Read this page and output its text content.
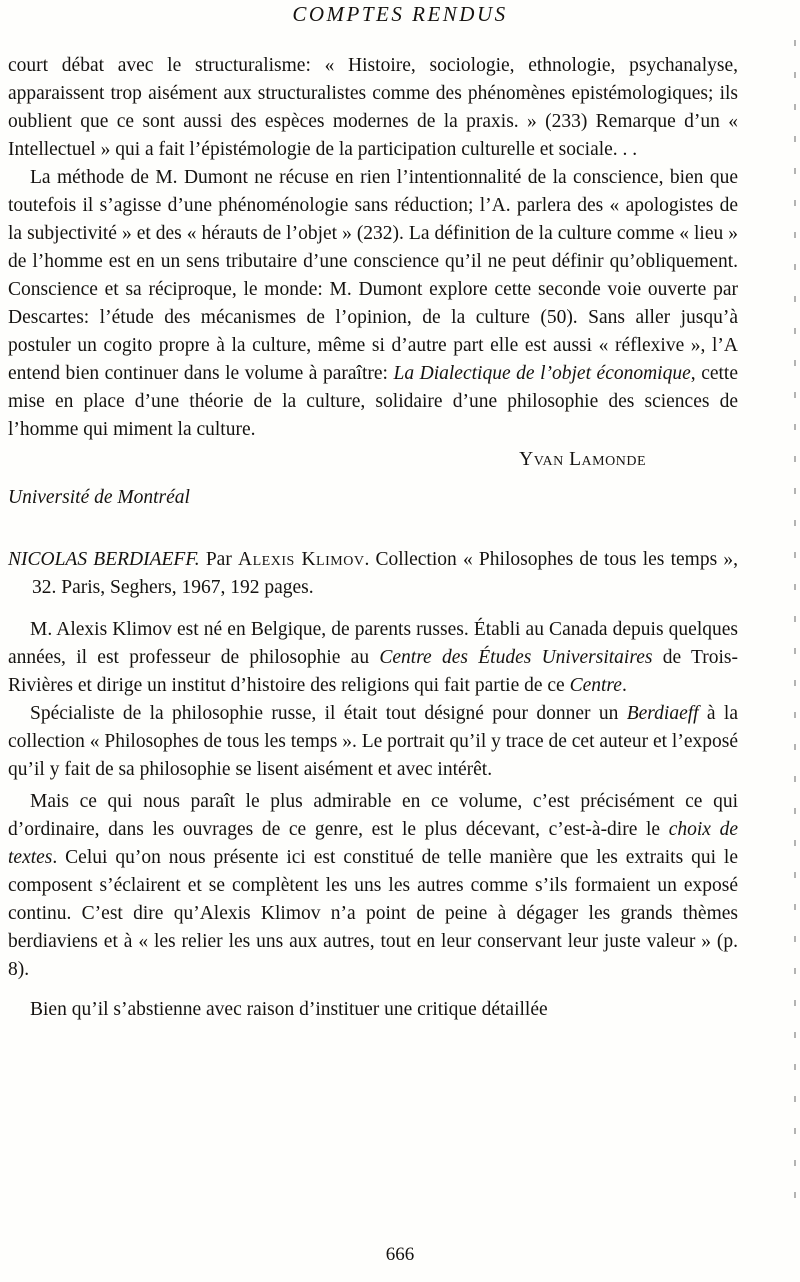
COMPTES RENDUS

court débat avec le structuralisme: « Histoire, sociologie, ethnologie, psychanalyse, apparaissent trop aisément aux structuralistes comme des phénomènes epistémologiques; ils oublient que ce sont aussi des espèces modernes de la praxis. » (233) Remarque d’un « Intellectuel » qui a fait l’épistémologie de la participation culturelle et sociale. . .

La méthode de M. Dumont ne récuse en rien l’intentionnalité de la conscience, bien que toutefois il s’agisse d’une phénoménologie sans réduction; l’A. parlera des « apologistes de la subjectivité » et des « hérauts de l’objet » (232). La définition de la culture comme « lieu » de l’homme est en un sens tributaire d’une conscience qu’il ne peut définir qu’obliquement. Conscience et sa réciproque, le monde: M. Dumont explore cette seconde voie ouverte par Descartes: l’étude des mécanismes de l’opinion, de la culture (50). Sans aller jusqu’à postuler un cogito propre à la culture, même si d’autre part elle est aussi « réflexive », l’A entend bien continuer dans le volume à paraître: La Dialectique de l’objet économique, cette mise en place d’une théorie de la culture, solidaire d’une philosophie des sciences de l’homme qui miment la culture.

Yvan Lamonde

Université de Montréal

NICOLAS BERDIAEFF. Par Alexis Klimov. Collection « Philosophes de tous les temps », 32. Paris, Seghers, 1967, 192 pages.

M. Alexis Klimov est né en Belgique, de parents russes. Établi au Canada depuis quelques années, il est professeur de philosophie au Centre des Études Universitaires de Trois-Rivières et dirige un institut d’histoire des religions qui fait partie de ce Centre.

Spécialiste de la philosophie russe, il était tout désigné pour donner un Berdiaeff à la collection « Philosophes de tous les temps ». Le portrait qu’il y trace de cet auteur et l’exposé qu’il y fait de sa philosophie se lisent aisément et avec intérêt.

Mais ce qui nous paraît le plus admirable en ce volume, c’est précisément ce qui d’ordinaire, dans les ouvrages de ce genre, est le plus décevant, c’est-à-dire le choix de textes. Celui qu’on nous présente ici est constitué de telle manière que les extraits qui le composent s’éclairent et se complètent les uns les autres comme s’ils formaient un exposé continu. C’est dire qu’Alexis Klimov n’a point de peine à dégager les grands thèmes berdiaviens et à « les relier les uns aux autres, tout en leur conservant leur juste valeur » (p. 8).

Bien qu’il s’abstienne avec raison d’instituer une critique détaillée

666
